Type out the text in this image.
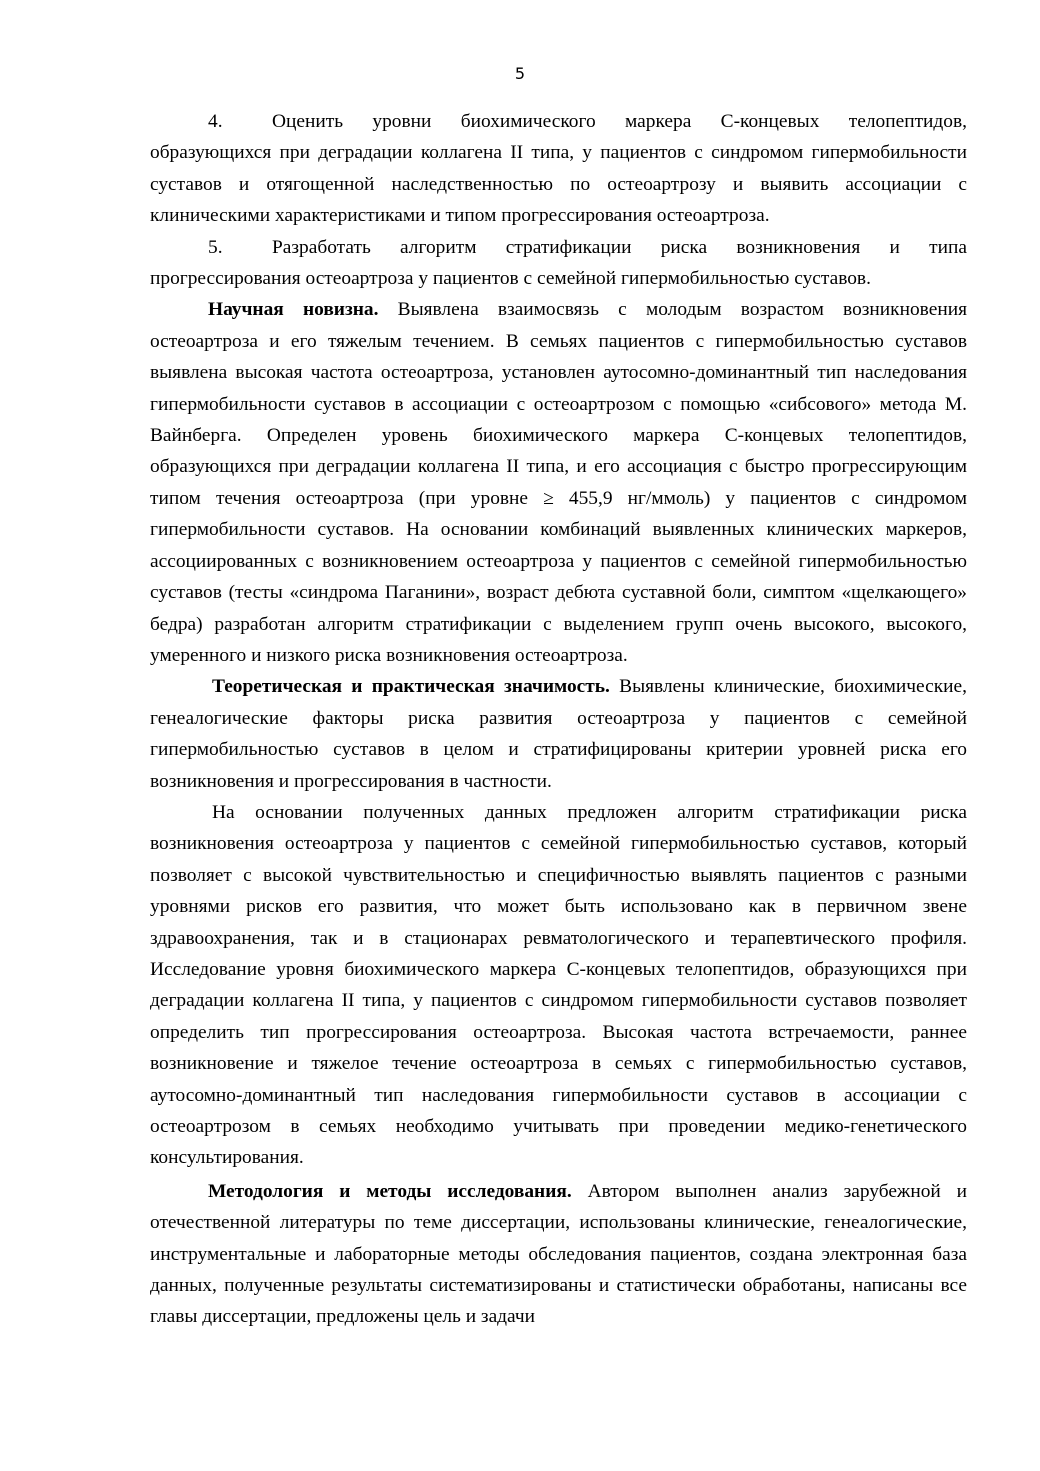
5

4.	Оценить уровни биохимического маркера С-концевых телопептидов, образующихся при деградации коллагена II типа, у пациентов с синдромом гипермобильности суставов и отягощенной наследственностью по остеоартрозу и выявить ассоциации с клиническими характеристиками и типом прогрессирования остеоартроза.

5.	Разработать алгоритм стратификации риска возникновения и типа прогрессирования остеоартроза у пациентов с семейной гипермобильностью суставов.

Научная новизна. Выявлена взаимосвязь с молодым возрастом возникновения остеоартроза и его тяжелым течением. В семьях пациентов с гипермобильностью суставов выявлена высокая частота остеоартроза, установлен аутосомно-доминантный тип наследования гипермобильности суставов в ассоциации с остеоартрозом с помощью «сибсового» метода М. Вайнберга. Определен уровень биохимического маркера С-концевых телопептидов, образующихся при деградации коллагена II типа, и его ассоциация с быстро прогрессирующим типом течения остеоартроза (при уровне ≥ 455,9 нг/ммоль) у пациентов с синдромом гипермобильности суставов. На основании комбинаций выявленных клинических маркеров, ассоциированных с возникновением остеоартроза у пациентов с семейной гипермобильностью суставов (тесты «синдрома Паганини», возраст дебюта суставной боли, симптом «щелкающего» бедра) разработан алгоритм стратификации с выделением групп очень высокого, высокого, умеренного и низкого риска возникновения остеоартроза.

Теоретическая и практическая значимость. Выявлены клинические, биохимические, генеалогические факторы риска развития остеоартроза у пациентов с семейной гипермобильностью суставов в целом и стратифицированы критерии уровней риска его возникновения и прогрессирования в частности.

На основании полученных данных предложен алгоритм стратификации риска возникновения остеоартроза у пациентов с семейной гипермобильностью суставов, который позволяет с высокой чувствительностью и специфичностью выявлять пациентов с разными уровнями рисков его развития, что может быть использовано как в первичном звене здравоохранения, так и в стационарах ревматологического и терапевтического профиля. Исследование уровня биохимического маркера С-концевых телопептидов, образующихся при деградации коллагена II типа, у пациентов с синдромом гипермобильности суставов позволяет определить тип прогрессирования остеоартроза. Высокая частота встречаемости, раннее возникновение и тяжелое течение остеоартроза в семьях с гипермобильностью суставов, аутосомно-доминантный тип наследования гипермобильности суставов в ассоциации с остеоартрозом в семьях необходимо учитывать при проведении медико-генетического консультирования.

Методология и методы исследования. Автором выполнен анализ зарубежной и отечественной литературы по теме диссертации, использованы клинические, генеалогические, инструментальные и лабораторные методы обследования пациентов, создана электронная база данных, полученные результаты систематизированы и статистически обработаны, написаны все главы диссертации, предложены цель и задачи
